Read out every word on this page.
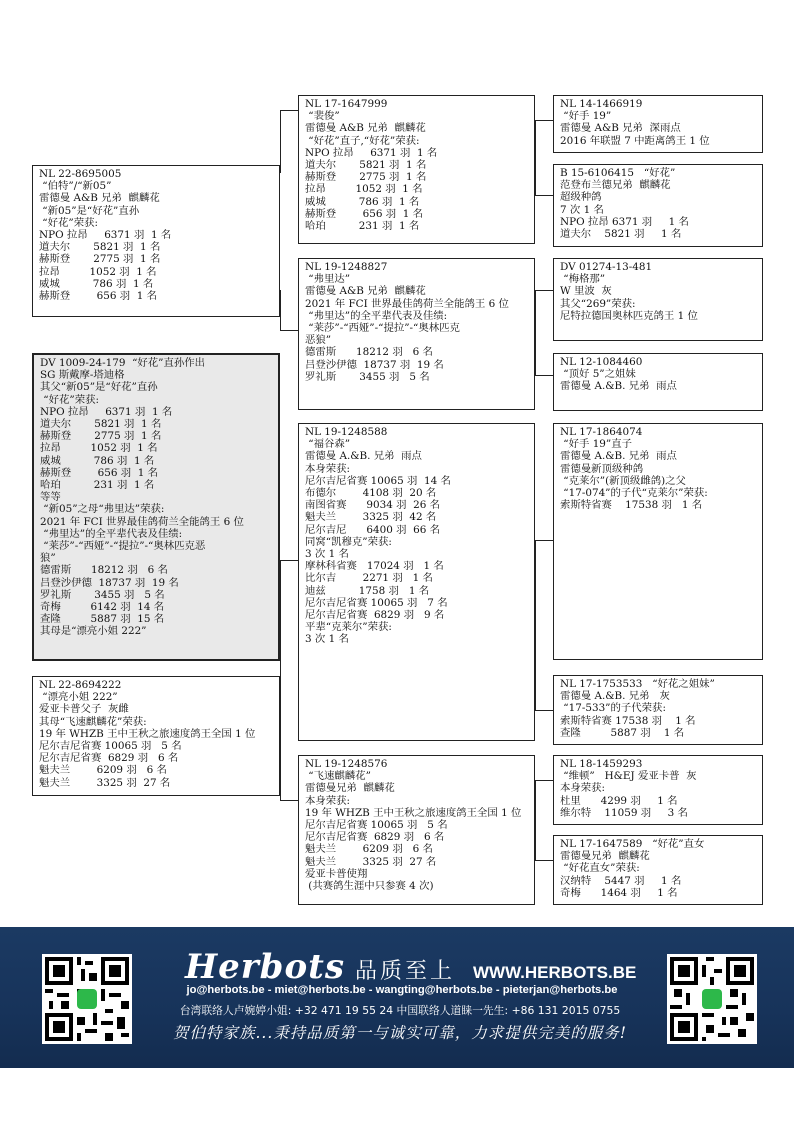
NL 22-8695005
“伯特”/“新05”
雷德曼 A&B 兄弟  麒麟花
“新05”是“好花”直孙
“好花”荣获:
NPO 拉昂     6371 羽  1 名
道夫尔       5821 羽  1 名
赫斯登       2775 羽  1 名
拉昂         1052 羽  1 名
威城          786 羽  1 名
赫斯登        656 羽  1 名
DV 1009-24-179  “好花”直孙作出
SG 斯戴摩-塔迪格
其父“新05”是“好花”直孙
“好花”荣获:
NPO 拉昂     6371 羽  1 名
道夫尔       5821 羽  1 名
赫斯登       2775 羽  1 名
拉昂         1052 羽  1 名
威城          786 羽  1 名
赫斯登        656 羽  1 名
哈珀          231 羽  1 名
等等
“新05”之母“弗里达”荣获:
2021 年 FCI 世界最佳鸽荷兰全能鸽王 6 位
“弗里达”的全平辈代表及佳绩:
“莱莎”-“西娅”-“提拉”-“奥林匹克恶
狼”
德雷斯      18212 羽   6 名
吕登沙伊德  18737 羽  19 名
罗礼斯       3455 羽   5 名
奇梅         6142 羽  14 名
查隆         5887 羽  15 名
其母是“漂亮小姐 222”
NL 22-8694222
“漂亮小姐 222”
爱亚卡普父子  灰雌
其母“飞速麒麟花”荣获:
19 年 WHZB 王中王秋之旅速度鸽王全国 1 位
尼尔吉尼省赛 10065 羽   5 名
尼尔吉尼省赛  6829 羽   6 名
魁夫兰        6209 羽   6 名
魁夫兰        3325 羽  27 名
NL 17-1647999
“裴俊”
雷德曼 A&B 兄弟  麒麟花
“好花”直子,“好花”荣获:
NPO 拉昂     6371 羽  1 名
道夫尔       5821 羽  1 名
赫斯登       2775 羽  1 名
拉昂         1052 羽  1 名
威城          786 羽  1 名
赫斯登        656 羽  1 名
哈珀          231 羽  1 名
NL 19-1248827
“弗里达”
雷德曼 A&B 兄弟  麒麟花
2021 年 FCI 世界最佳鸽荷兰全能鸽王 6 位
“弗里达”的全平辈代表及佳绩:
“莱莎”-“西娅”-“提拉”-“奥林匹克
恶狼”
德雷斯      18212 羽   6 名
吕登沙伊德  18737 羽  19 名
罗礼斯       3455 羽   5 名
NL 19-1248588
“福谷森”
雷德曼 A.&B. 兄弟  雨点
本身荣获:
尼尔吉尼省赛 10065 羽  14 名
布德尔        4108 羽  20 名
南图省赛      9034 羽  26 名
魁夫兰        3325 羽  42 名
尼尔吉尼      6400 羽  66 名
同窝“凯穆克”荣获:
3 次 1 名
摩林科省赛   17024 羽   1 名
比尔吉        2271 羽   1 名
迪兹          1758 羽   1 名
尼尔吉尼省赛 10065 羽   7 名
尼尔吉尼省赛  6829 羽   9 名
平辈“克莱尔”荣获:
3 次 1 名
NL 19-1248576
“飞速麒麟花”
雷德曼兄弟  麒麟花
本身荣获:
19 年 WHZB 王中王秋之旅速度鸽王全国 1 位
尼尔吉尼省赛 10065 羽   5 名
尼尔吉尼省赛  6829 羽   6 名
魁夫兰        6209 羽   6 名
魁夫兰        3325 羽  27 名
爱亚卡普使翔
(共赛鸽生涯中只参赛 4 次)
NL 14-1466919
“好手 19”
雷德曼 A&B 兄弟  深雨点
2016 年联盟 7 中距离鸽王 1 位
B 15-6106415   “好花”
范登布兰德兄弟  麒麟花
超级种鸽
7 次 1 名
NPO 拉昂 6371 羽     1 名
道夫尔    5821 羽     1 名
DV 01274-13-481
“梅格那”
W 里波  灰
其父“269”荣获:
尼特拉德国奥林匹克鸽王 1 位
NL 12-1084460
“顶好 5”之姐妹
雷德曼 A.&B. 兄弟  雨点
NL 17-1864074
“好手 19”直子
雷德曼 A.&B. 兄弟  雨点
雷德曼新顶级种鸽
“克莱尔”(新顶级雌鸽)之父
“17-074”的子代“克莱尔”荣获:
索斯特省赛    17538 羽   1 名
NL 17-1753533   “好花之姐妹”
雷德曼 A.&B. 兄弟   灰
“17-533”的子代荣获:
索斯特省赛 17538 羽    1 名
查隆         5887 羽    1 名
NL 18-1459293
“维顿”   H&EJ 爱亚卡普  灰
本身荣获:
杜里      4299 羽     1 名
维尔特    11059 羽     3 名
NL 17-1647589   “好花”直女
雷德曼兄弟  麒麟花
“好花直女”荣获:
汉纳特    5447 羽     1 名
奇梅      1464 羽     1 名
Herbots 品质至上 WWW.HERBOTS.BE
jo@herbots.be - miet@herbots.be - wangting@herbots.be - pieterjan@herbots.be
台湾联络人卢婉婷小姐: +32 471 19 55 24 中国联络人道睐一先生: +86 131 2015 0755
贺伯特家族...秉持品质第一与诚实可靠，力求提供完美的服务!
